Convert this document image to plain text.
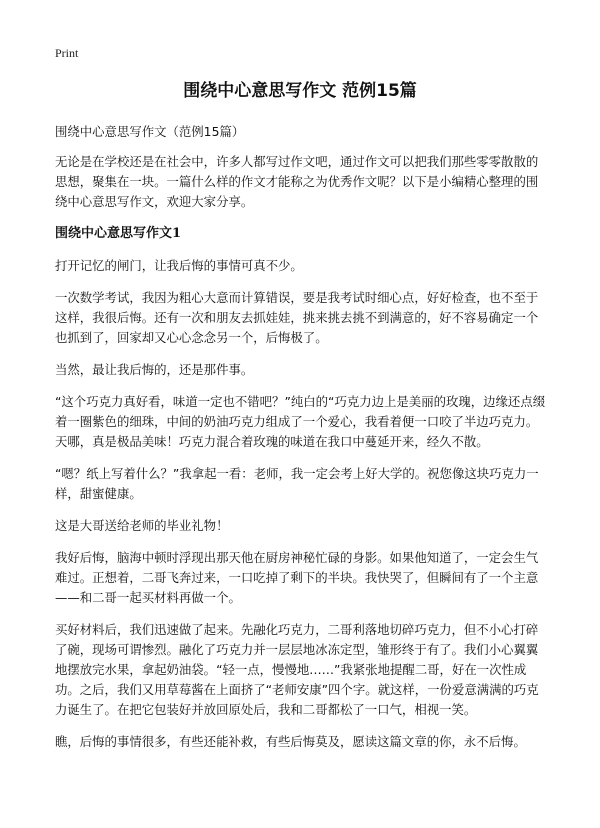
Print
围绕中心意思写作文 范例15篇

围绕中心意思写作文（范例15篇）

无论是在学校还是在社会中，许多人都写过作文吧，通过作文可以把我们那些零零散散的思想，聚集在一块。一篇什么样的作文才能称之为优秀作文呢？以下是小编精心整理的围绕中心意思写作文，欢迎大家分享。

围绕中心意思写作文1

打开记忆的闸门，让我后悔的事情可真不少。

一次数学考试，我因为粗心大意而计算错误，要是我考试时细心点，好好检查，也不至于这样，我很后悔。还有一次和朋友去抓娃娃，挑来挑去挑不到满意的，好不容易确定一个也抓到了，回家却又心心念念另一个，后悔极了。

当然，最让我后悔的，还是那件事。

“这个巧克力真好看，味道一定也不错吧？”纯白的“巧克力边上是美丽的玫瑰，边缘还点缀着一圈紫色的细珠，中间的奶油巧克力组成了一个爱心，我看着便一口咬了半边巧克力。天哪，真是极品美味！巧克力混合着玫瑰的味道在我口中蔓延开来，经久不散。

“嗯？纸上写着什么？”我拿起一看：老师，我一定会考上好大学的。祝您像这块巧克力一样，甜蜜健康。

这是大哥送给老师的毕业礼物！

我好后悔，脑海中顿时浮现出那天他在厨房神秘忙碌的身影。如果他知道了，一定会生气难过。正想着，二哥飞奔过来，一口吃掉了剩下的半块。我快哭了，但瞬间有了一个主意——和二哥一起买材料再做一个。

买好材料后，我们迅速做了起来。先融化巧克力，二哥利落地切碎巧克力，但不小心打碎了碗，现场可谓惨烈。融化了巧克力并一层层地冰冻定型，雏形终于有了。我们小心翼翼地摆放完水果，拿起奶油袋。“轻一点，慢慢地……”我紧张地提醒二哥，好在一次性成功。之后，我们又用草莓酱在上面挤了“老师安康”四个字。就这样，一份爱意满满的巧克力诞生了。在把它包装好并放回原处后，我和二哥都松了一口气，相视一笑。

瞧，后悔的事情很多，有些还能补救，有些后悔莫及，愿读这篇文章的你，永不后悔。
